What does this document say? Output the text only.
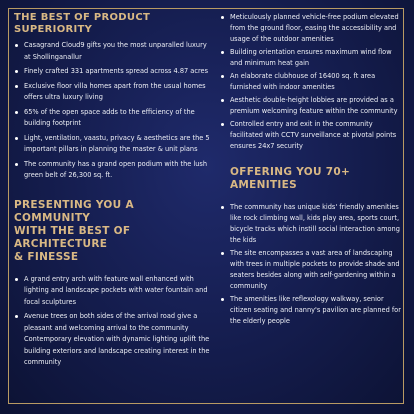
THE BEST OF PRODUCT
SUPERIORITY

Casagrand Cloud9 gifts you the most unparalled luxury at Shollinganallur
Finely crafted 331 apartments spread across 4.87 acres
Exclusive floor villa homes apart from the usual homes offers ultra luxury living
65% of the open space adds to the efficiency of the building footprint
Light, ventilation, vaastu, privacy & aesthetics are the 5 important pillars in planning the master & unit plans
The community has a grand open podium with the lush green belt of 26,300 sq. ft.

PRESENTING YOU A COMMUNITY
WITH THE BEST OF ARCHITECTURE
& FINESSE

A grand entry arch with feature wall enhanced with lighting and landscape pockets with water fountain and focal sculptures
Avenue trees on both sides of the arrival road give a pleasant and welcoming arrival to the community Contemporary elevation with dynamic lighting uplift the building exteriors and landscape creating interest in the community
Meticulously planned vehicle-free podium elevated from the ground floor, easing the accessibility and usage of the outdoor amenities
Building orientation ensures maximum wind flow and minimum heat gain
An elaborate clubhouse of 16400 sq. ft area furnished with indoor amenities
Aesthetic double-height lobbies are provided as a premium welcoming feature within the community
Controlled entry and exit in the community facilitated with CCTV surveillance at pivotal points ensures 24x7 security

OFFERING YOU 70+
AMENITIES

The community has unique kids' friendly amenities like rock climbing wall, kids play area, sports court, bicycle tracks which instill social interaction among the kids
The site encompasses a vast area of landscaping with trees in multiple pockets to provide shade and seaters besides along with self-gardening within a community
The amenities like reflexology walkway, senior citizen seating and nanny's pavilion are planned for the elderly people
